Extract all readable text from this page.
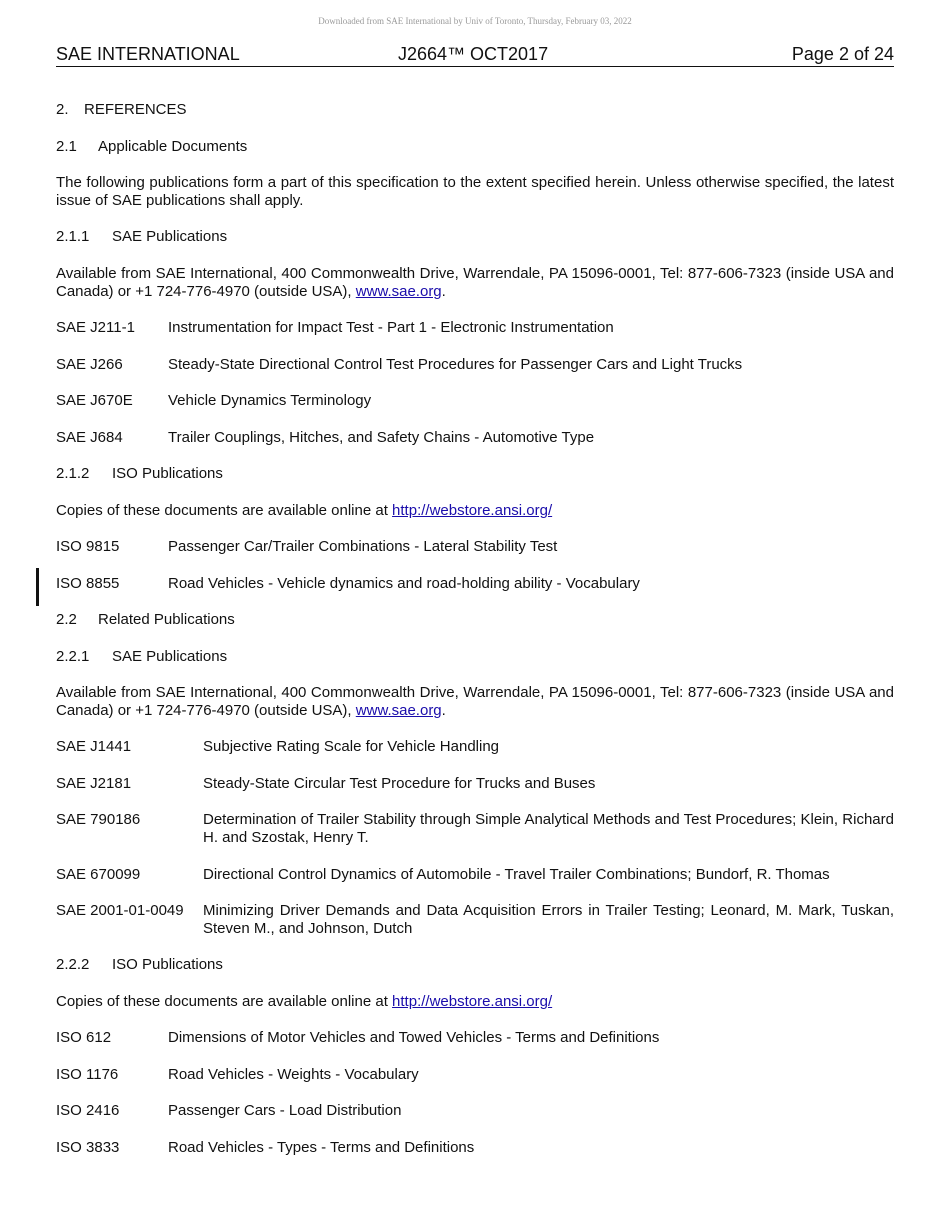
Downloaded from SAE International by Univ of Toronto, Thursday, February 03, 2022
SAE INTERNATIONAL	J2664™ OCT2017	Page 2 of 24
2.	REFERENCES
2.1	Applicable Documents

The following publications form a part of this specification to the extent specified herein. Unless otherwise specified, the latest issue of SAE publications shall apply.

2.1.1	SAE Publications

Available from SAE International, 400 Commonwealth Drive, Warrendale, PA 15096-0001, Tel: 877-606-7323 (inside USA and Canada) or +1 724-776-4970 (outside USA), www.sae.org.

SAE J211-1	Instrumentation for Impact Test - Part 1 - Electronic Instrumentation
SAE J266	Steady-State Directional Control Test Procedures for Passenger Cars and Light Trucks
SAE J670E	Vehicle Dynamics Terminology
SAE J684	Trailer Couplings, Hitches, and Safety Chains - Automotive Type
2.1.2	ISO Publications

Copies of these documents are available online at http://webstore.ansi.org/

ISO 9815	Passenger Car/Trailer Combinations - Lateral Stability Test
ISO 8855	Road Vehicles - Vehicle dynamics and road-holding ability - Vocabulary
2.2	Related Publications
2.2.1	SAE Publications

Available from SAE International, 400 Commonwealth Drive, Warrendale, PA 15096-0001, Tel: 877-606-7323 (inside USA and Canada) or +1 724-776-4970 (outside USA), www.sae.org.

SAE J1441	Subjective Rating Scale for Vehicle Handling
SAE J2181	Steady-State Circular Test Procedure for Trucks and Buses
SAE 790186	Determination of Trailer Stability through Simple Analytical Methods and Test Procedures; Klein, Richard H. and Szostak, Henry T.
SAE 670099	Directional Control Dynamics of Automobile - Travel Trailer Combinations; Bundorf, R. Thomas
SAE 2001-01-0049	Minimizing Driver Demands and Data Acquisition Errors in Trailer Testing; Leonard, M. Mark, Tuskan, Steven M., and Johnson, Dutch
2.2.2	ISO Publications

Copies of these documents are available online at http://webstore.ansi.org/

ISO 612	Dimensions of Motor Vehicles and Towed Vehicles - Terms and Definitions
ISO 1176	Road Vehicles - Weights - Vocabulary
ISO 2416	Passenger Cars - Load Distribution
ISO 3833	Road Vehicles - Types - Terms and Definitions
